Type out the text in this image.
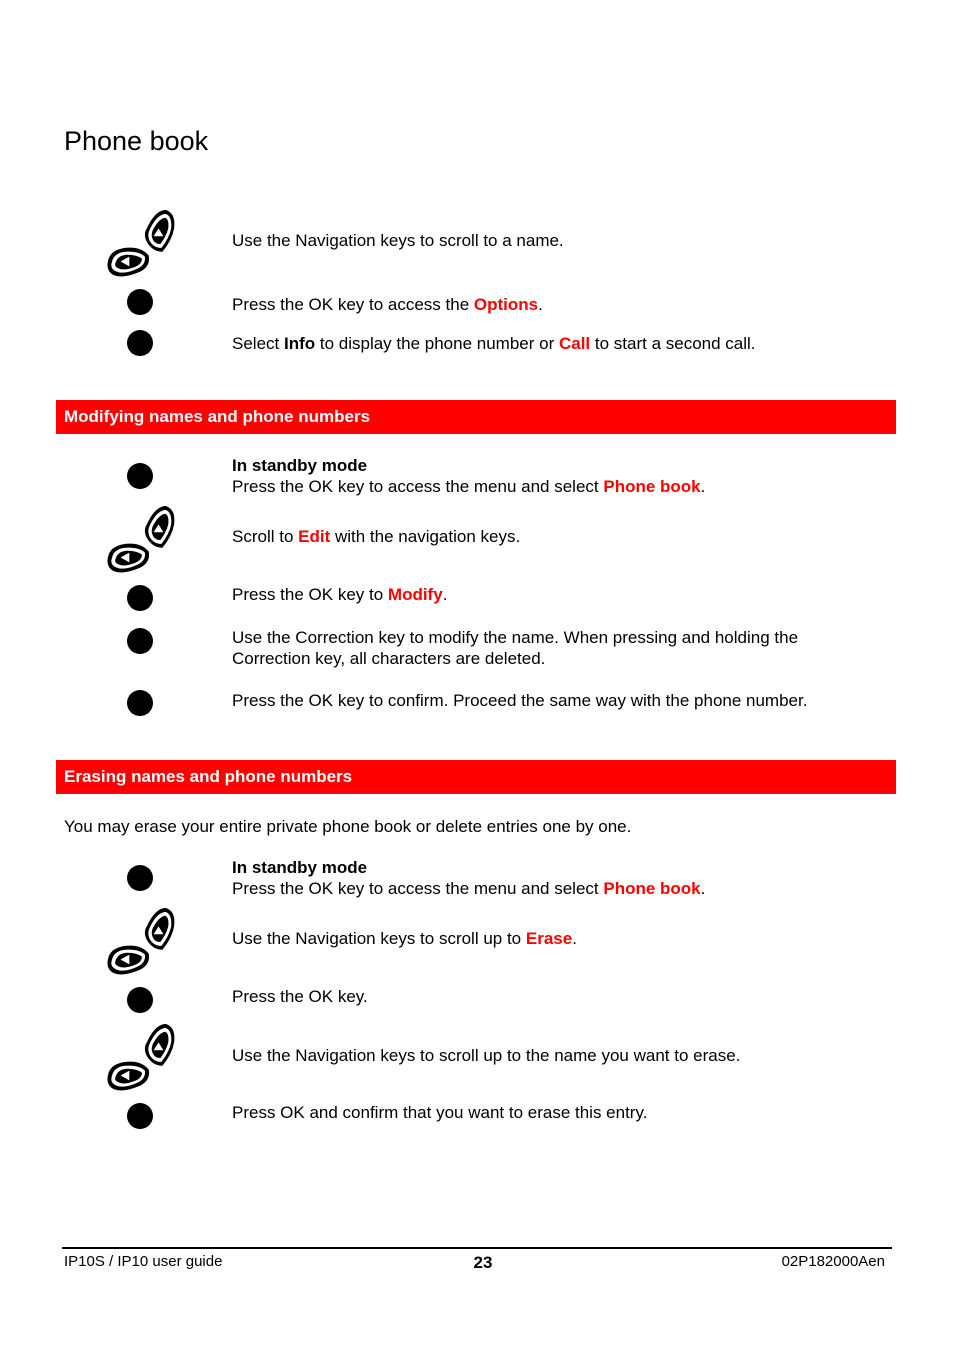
Phone book
Use the Navigation keys to scroll to a name.
Press the OK key to access the Options.
Select Info to display the phone number or Call to start a second call.
Modifying names and phone numbers
In standby mode
Press the OK key to access the menu and select Phone book.
Scroll to Edit with the navigation keys.
Press the OK key to Modify.
Use the Correction key to modify the name. When pressing and holding the Correction key, all characters are deleted.
Press the OK key to confirm. Proceed the same way with the phone number.
Erasing names and phone numbers
You may erase your entire private phone book or delete entries one by one.
In standby mode
Press the OK key to access the menu and select Phone book.
Use the Navigation keys to scroll up to Erase.
Press the OK key.
Use the Navigation keys to scroll up to the name you want to erase.
Press OK and confirm that you want to erase this entry.
IP10S / IP10 user guide	23	02P182000Aen
